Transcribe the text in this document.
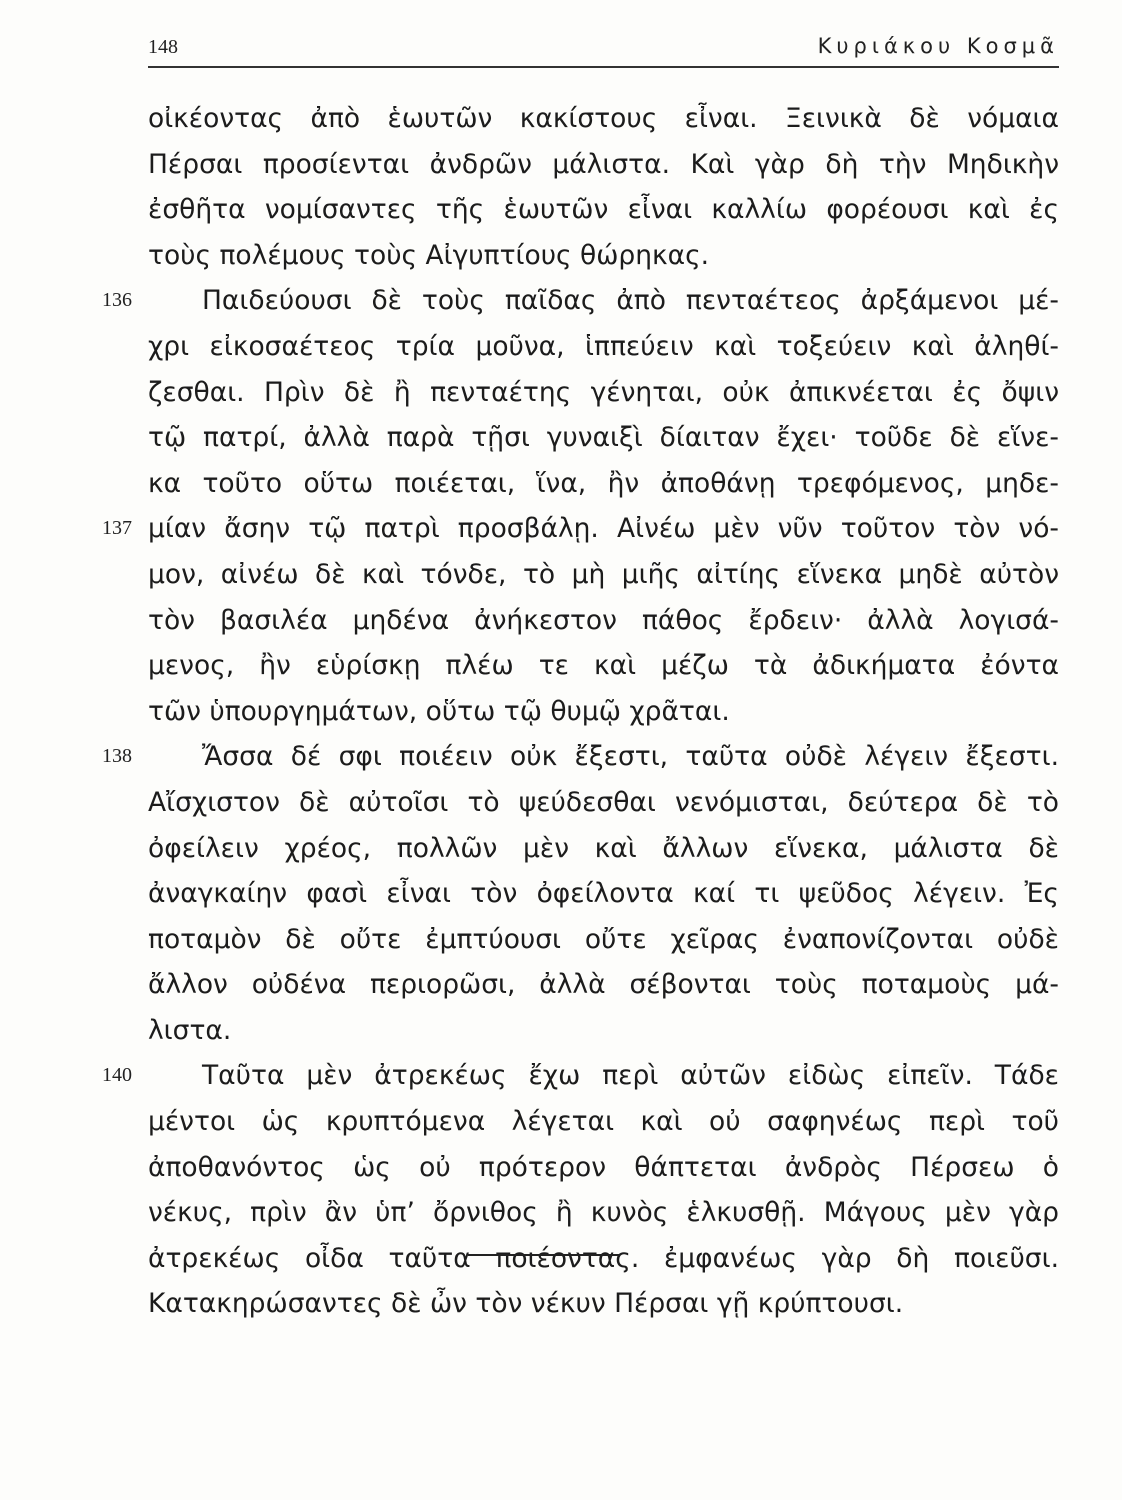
148	Κυριάκου Κοσμᾶ
οἰκέοντας ἀπὸ ἑωυτῶν κακίστους εἶναι. Ξεινικὰ δὲ νόμαια
Πέρσαι προσίενται ἀνδρῶν μάλιστα. Καὶ γὰρ δὴ τὴν Μηδικὴν
ἐσθῆτα νομίσαντες τῆς ἑωυτῶν εἶναι καλλίω φορέουσι καὶ ἐς
τοὺς πολέμους τοὺς Αἰγυπτίους θώρηκας.
136	Παιδεύουσι δὲ τοὺς παῖδας ἀπὸ πενταέτεος ἀρξάμενοι μέ-
χρι εἰκοσαέτεος τρία μοῦνα, ἱππεύειν καὶ τοξεύειν καὶ ἀληθί-
ζεσθαι. Πρὶν δὲ ἢ πενταέτης γένηται, οὐκ ἀπικνέεται ἐς ὄψιν
τῷ πατρί, ἀλλὰ παρὰ τῇσι γυναιξὶ δίαιταν ἔχει· τοῦδε δὲ εἵνε-
κα τοῦτο οὕτω ποιέεται, ἵνα, ἢν ἀποθάνῃ τρεφόμενος, μηδε-
137 μίαν ἄσην τῷ πατρὶ προσβάλῃ. Αἰνέω μὲν νῦν τοῦτον τὸν νό-
μον, αἰνέω δὲ καὶ τόνδε, τὸ μὴ μιῆς αἰτίης εἵνεκα μηδὲ αὐτὸν
τὸν βασιλέα μηδένα ἀνήκεστον πάθος ἔρδειν· ἀλλὰ λογισά-
μενος, ἢν εὑρίσκῃ πλέω τε καὶ μέζω τὰ ἀδικήματα ἐόντα
τῶν ὑπουργημάτων, οὕτω τῷ θυμῷ χρᾶται.
138	Ἄσσα δέ σφι ποιέειν οὐκ ἔξεστι, ταῦτα οὐδὲ λέγειν ἔξεστι.
Αἴσχιστον δὲ αὐτοῖσι τὸ ψεύδεσθαι νενόμισται, δεύτερα δὲ τὸ
ὀφείλειν χρέος, πολλῶν μὲν καὶ ἄλλων εἵνεκα, μάλιστα δὲ
ἀναγκαίην φασὶ εἶναι τὸν ὀφείλοντα καί τι ψεῦδος λέγειν. Ἐς
ποταμὸν δὲ οὔτε ἐμπτύουσι οὔτε χεῖρας ἐναπονίζονται οὐδὲ
ἄλλον οὐδένα περιορῶσι, ἀλλὰ σέβονται τοὺς ποταμοὺς μά-
λιστα.
140	Ταῦτα μὲν ἀτρεκέως ἔχω περὶ αὐτῶν εἰδὼς εἰπεῖν. Τάδε
μέντοι ὡς κρυπτόμενα λέγεται καὶ οὐ σαφηνέως περὶ τοῦ
ἀποθανόντος ὡς οὐ πρότερον θάπτεται ἀνδρὸς Πέρσεω ὁ
νέκυς, πρὶν ἂν ὑπ’ ὄρνιθος ἢ κυνὸς ἑλκυσθῇ. Μάγους μὲν γὰρ
ἀτρεκέως οἶδα ταῦτα ποιέοντας. ἐμφανέως γὰρ δὴ ποιεῦσι.
Κατακηρώσαντες δὲ ὦν τὸν νέκυν Πέρσαι γῇ κρύπτουσι.
